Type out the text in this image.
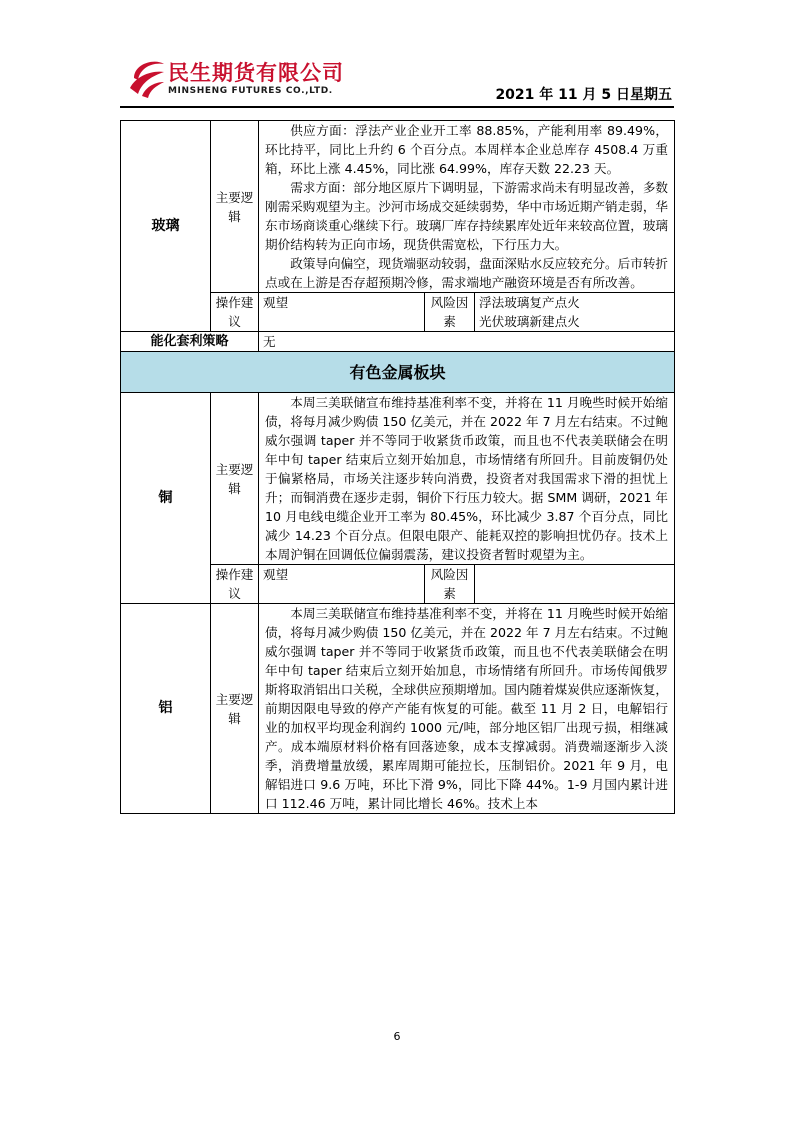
民生期货有限公司
MINSHENG FUTURES CO.,LTD.	2021 年 11 月 5 日星期五
玻璃	主要逻辑	供应方面：浮法产业企业开工率 88.85%，产能利用率 89.49%，环比持平，同比上升约 6 个百分点。本周样本企业总库存 4508.4 万重箱，环比上涨 4.45%，同比涨 64.99%，库存天数 22.23 天。

需求方面：部分地区原片下调明显，下游需求尚未有明显改善，多数刚需采购观望为主。沙河市场成交延续弱势，华中市场近期产销走弱，华东市场商谈重心继续下行。玻璃厂库存持续累库处近年来较高位置，玻璃期价结构转为正向市场，现货供需宽松，下行压力大。

政策导向偏空，现货端驱动较弱，盘面深贴水反应较充分。后市转折点或在上游是否存超预期冷修，需求端地产融资环境是否有所改善。		

	操作建议	观望	风险因素	浮法玻璃复产点火
光伏玻璃新建点火

能化套利策略		无		
有色金属板块				
铜	主要逻辑	本周三美联储宣布维持基准利率不变，并将在 11 月晚些时候开始缩债，将每月减少购债 150 亿美元，并在 2022 年 7 月左右结束。不过鲍威尔强调 taper 并不等同于收紧货币政策，而且也不代表美联储会在明年中旬 taper 结束后立刻开始加息，市场情绪有所回升。目前废铜仍处于偏紧格局，市场关注逐步转向消费，投资者对我国需求下滑的担忧上升；而铜消费在逐步走弱，铜价下行压力较大。据 SMM 调研，2021 年 10 月电线电缆企业开工率为 80.45%，环比减少 3.87 个百分点，同比减少 14.23 个百分点。但限电限产、能耗双控的影响担忧仍存。技术上本周沪铜在回调低位偏弱震荡，建议投资者暂时观望为主。		

	操作建议	观望	风险因素	
铝	主要逻辑	本周三美联储宣布维持基准利率不变，并将在 11 月晚些时候开始缩债，将每月减少购债 150 亿美元，并在 2022 年 7 月左右结束。不过鲍威尔强调 taper 并不等同于收紧货币政策，而且也不代表美联储会在明年中旬 taper 结束后立刻开始加息，市场情绪有所回升。市场传闻俄罗斯将取消铝出口关税，全球供应预期增加。国内随着煤炭供应逐渐恢复，前期因限电导致的停产产能有恢复的可能。截至 11 月 2 日，电解铝行业的加权平均现金利润约 1000 元/吨，部分地区铝厂出现亏损，相继减产。成本端原材料价格有回落迹象，成本支撑减弱。消费端逐渐步入淡季，消费增量放缓，累库周期可能拉长，压制铝价。2021 年 9 月，电解铝进口 9.6 万吨，环比下滑 9%，同比下降 44%。1-9 月国内累计进口 112.46 万吨，累计同比增长 46%。技术上本		

6
